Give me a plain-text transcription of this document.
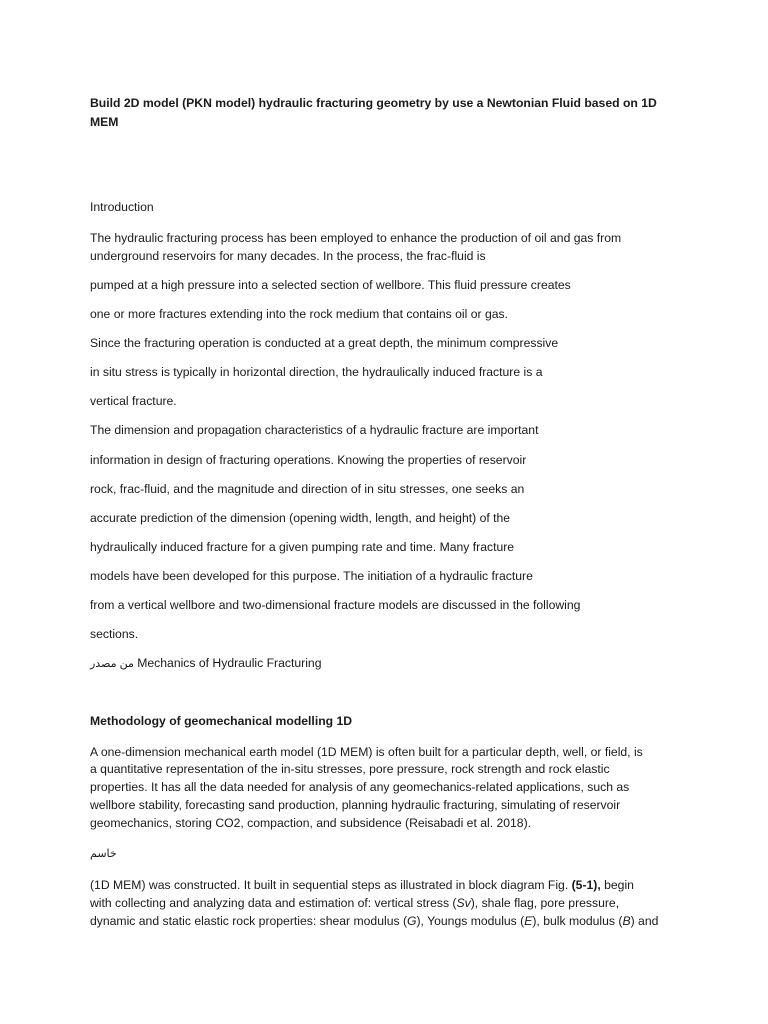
Build 2D model (PKN model) hydraulic fracturing geometry by use a Newtonian Fluid based on 1D

MEM

Introduction

The hydraulic fracturing process has been employed to enhance the production of oil and gas from

underground reservoirs for many decades. In the process, the frac-fluid is

pumped at a high pressure into a selected section of wellbore. This fluid pressure creates

one or more fractures extending into the rock medium that contains oil or gas.

Since the fracturing operation is conducted at a great depth, the minimum compressive

in situ stress is typically in horizontal direction, the hydraulically induced fracture is a

vertical fracture.

The dimension and propagation characteristics of a hydraulic fracture are important

information in design of fracturing operations. Knowing the properties of reservoir

rock, frac-fluid, and the magnitude and direction of in situ stresses, one seeks an

accurate prediction of the dimension (opening width, length, and height) of the

hydraulically induced fracture for a given pumping rate and time. Many fracture

models have been developed for this purpose. The initiation of a hydraulic fracture

from a vertical wellbore and two-dimensional fracture models are discussed in the following

sections.

من مصدر Mechanics of Hydraulic Fracturing

Methodology of geomechanical modelling 1D

A one-dimension mechanical earth model (1D MEM) is often built for a particular depth, well, or field, is

a quantitative representation of the in-situ stresses, pore pressure, rock strength and rock elastic

properties. It has all the data needed for analysis of any geomechanics-related applications, such as

wellbore stability, forecasting sand production, planning hydraulic fracturing, simulating of reservoir

geomechanics, storing CO2, compaction, and subsidence (Reisabadi et al. 2018).

خاسم

(1D MEM) was constructed. It built in sequential steps as illustrated in block diagram Fig. (5-1), begin

with collecting and analyzing data and estimation of: vertical stress (Sv), shale flag, pore pressure,

dynamic and static elastic rock properties: shear modulus (G), Youngs modulus (E), bulk modulus (B) and
